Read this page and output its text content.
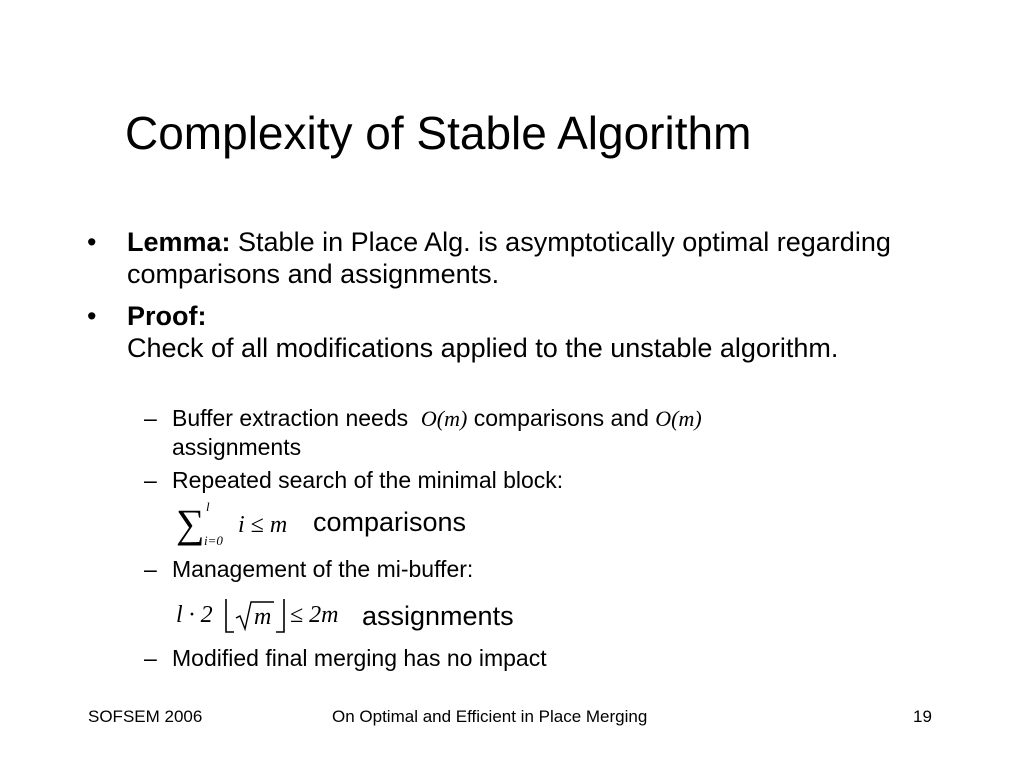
Complexity of Stable Algorithm
• Lemma: Stable in Place Alg. is asymptotically optimal regarding comparisons and assignments.
• Proof:
Check of all modifications applied to the unstable algorithm.
– Buffer extraction needs O(m) comparisons and O(m)
assignments
– Repeated search of the minimal block:
∑ l
i=0
i ≤ m comparisons
– Management of the mi-buffer:
l · 2 m ≤ 2m assignments
– Modified final merging has no impact
SOFSEM 2006	On Optimal and Efficient in Place Merging	19
